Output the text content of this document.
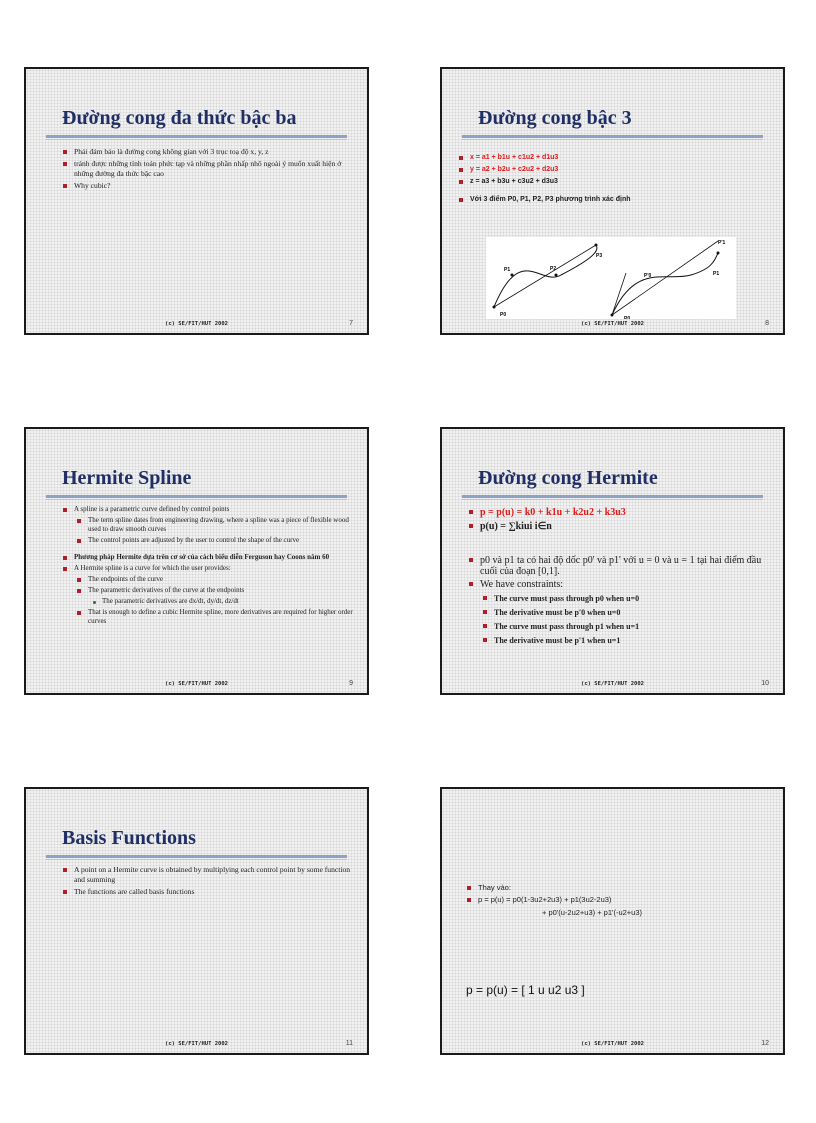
Đường cong đa thức bậc ba
Phải đảm bảo là đường cong không gian với 3 trục toạ độ x, y, z
tránh được những tính toán phức tạp và những phần nhấp nhô ngoài ý muốn xuất hiện ở những đường đa thức bậc cao
Why cubic?
(c) SE/FIT/HUT 2002	7
Đường cong bậc 3
x = a1 + b1u + c1u2 + d1u3
y = a2 + b2u + c2u2 + d2u3
z = a3 + b3u + c3u2 + d3u3
Với 3 điểm P0, P1, P2, P3 phương trình xác định
P0
P1	P2
P3
P0
P'0	P1
P'1
(c) SE/FIT/HUT 2002	8
Hermite Spline
A spline is a parametric curve defined by control points
The term spline dates from engineering drawing, where a spline was a piece of flexible wood used to draw smooth curves
The control points are adjusted by the user to control the shape of the curve
Phương pháp Hermite dựa trên cơ sở của cách biểu diễn Ferguson hay Coons năm 60
A Hermite spline is a curve for which the user provides:
The endpoints of the curve
The parametric derivatives of the curve at the endpoints
The parametric derivatives are dx/dt, dy/dt, dz/dt
That is enough to define a cubic Hermite spline, more derivatives are required for higher order curves
(c) SE/FIT/HUT 2002	9
Đường cong Hermite
p = p(u) = k0 + k1u + k2u2 + k3u3
p(u) = ∑kiui i∈n
p0 và p1 ta có hai độ dốc p0' và p1' với u = 0 và u = 1 tại hai điểm đầu cuối của đoạn [0,1].
We have constraints:
The curve must pass through p0 when u=0
The derivative must be p'0 when u=0
The curve must pass through p1 when u=1
The derivative must be p'1 when u=1
(c) SE/FIT/HUT 2002	10
Basis Functions
A point on a Hermite curve is obtained by multiplying each control point by some function and summing
The functions are called basis functions
(c) SE/FIT/HUT 2002	11
Thay vào:
p = p(u) = p0(1-3u2+2u3) + p1(3u2-2u3)
+ p0'(u-2u2+u3) + p1'(-u2+u3)
p = p(u) = [ 1 u u2 u3 ]
(c) SE/FIT/HUT 2002	12
